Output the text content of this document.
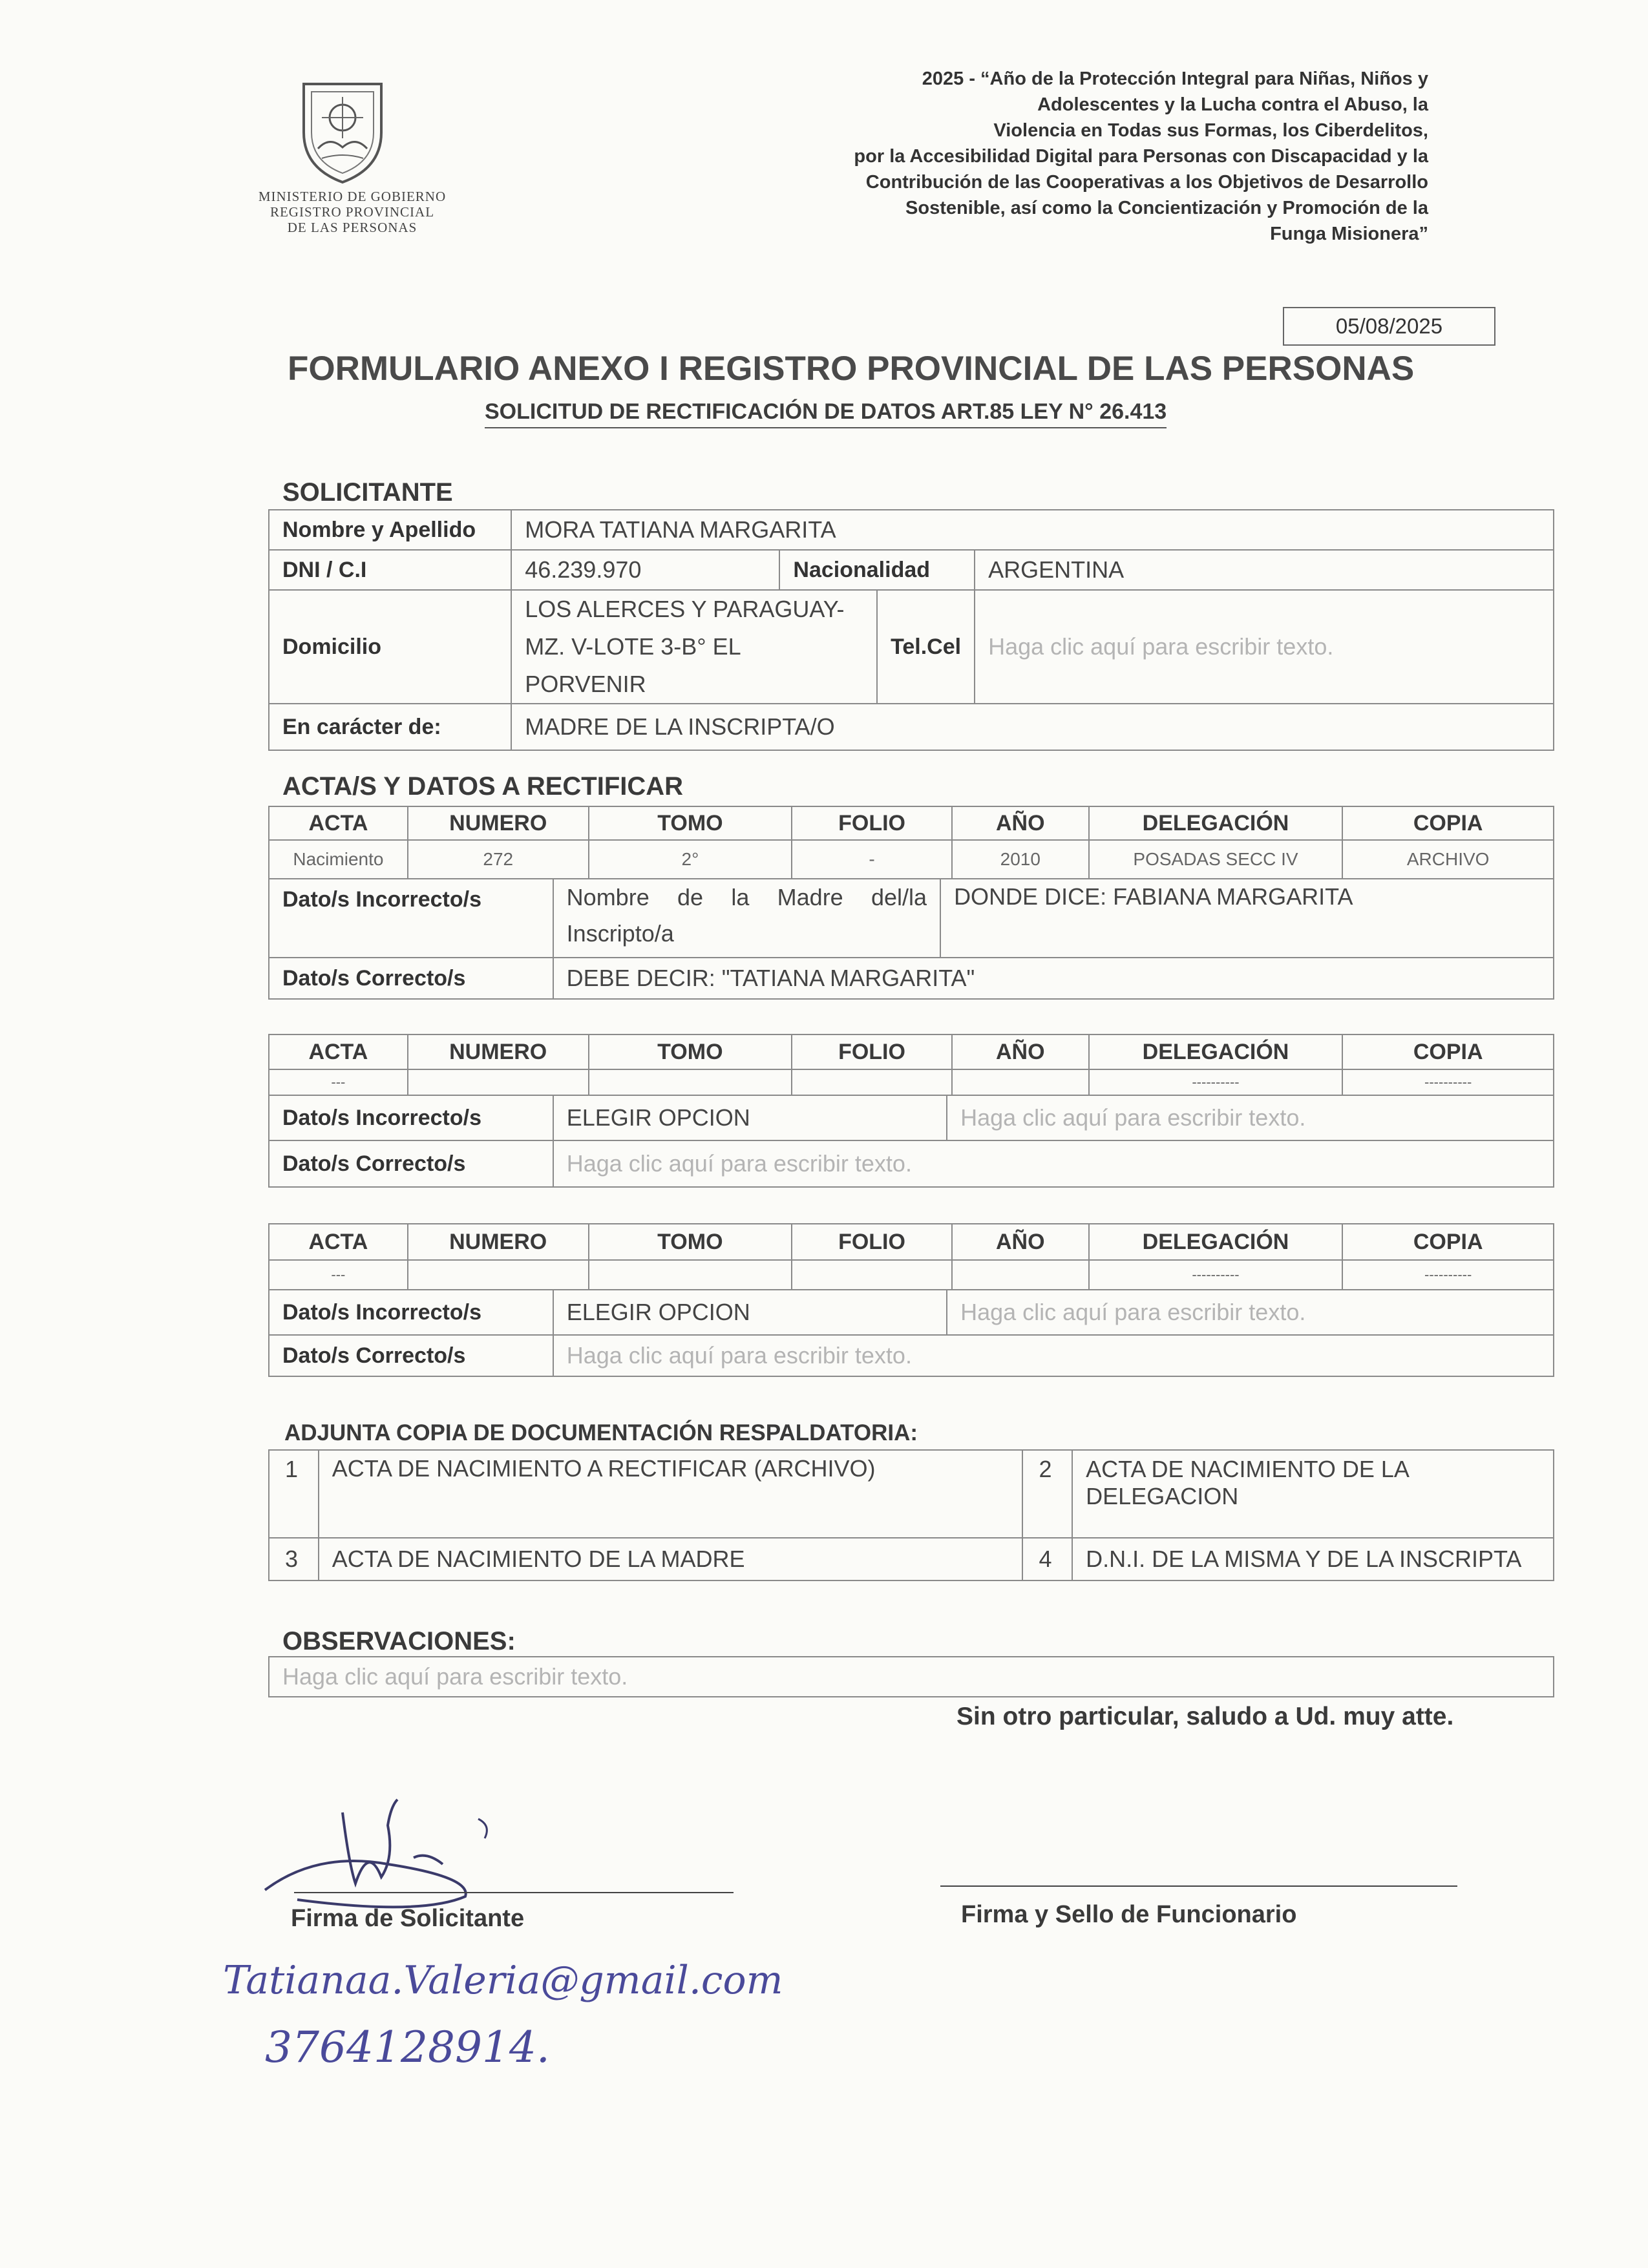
MINISTERIO DE GOBIERNO
REGISTRO PROVINCIAL
DE LAS PERSONAS
2025 - “Año de la Protección Integral para Niñas, Niños y
Adolescentes y la Lucha contra el Abuso, la
Violencia en Todas sus Formas, los Ciberdelitos,
por la Accesibilidad Digital para Personas con Discapacidad y la
Contribución de las Cooperativas a los Objetivos de Desarrollo
Sostenible, así como la Concientización y Promoción de la
Funga Misionera”
05/08/2025
FORMULARIO ANEXO I REGISTRO PROVINCIAL DE LAS PERSONAS
SOLICITUD DE RECTIFICACIÓN DE DATOS ART.85 LEY N° 26.413
SOLICITANTE
Nombre y Apellido	MORA TATIANA MARGARITA			
DNI / C.I	46.239.970	Nacionalidad		ARGENTINA
Domicilio	LOS ALERCES Y PARAGUAY-
MZ. V-LOTE 3-B° EL PORVENIR		Tel.Cel	Haga clic aquí para escribir texto.
En carácter de:	MADRE DE LA INSCRIPTA/O			
ACTA/S Y DATOS A RECTIFICAR
ACTA	NUMERO	TOMO	FOLIO	AÑO	DELEGACIÓN	COPIA
Nacimiento	272	2°	-	2010	POSADAS SECC IV	ARCHIVO
Dato/s Incorrecto/s	Nombre de la Madre del/la Inscripto/a	DONDE DICE: FABIANA MARGARITA
Dato/s Correcto/s	DEBE DECIR: "TATIANA MARGARITA"	
ACTA	NUMERO	TOMO	FOLIO	AÑO	DELEGACIÓN	COPIA
---					----------	----------
Dato/s Incorrecto/s	ELEGIR OPCION	Haga clic aquí para escribir texto.
Dato/s Correcto/s	Haga clic aquí para escribir texto.	
ACTA	NUMERO	TOMO	FOLIO	AÑO	DELEGACIÓN	COPIA
---					----------	----------
Dato/s Incorrecto/s	ELEGIR OPCION	Haga clic aquí para escribir texto.
Dato/s Correcto/s	Haga clic aquí para escribir texto.	
ADJUNTA COPIA DE DOCUMENTACIÓN RESPALDATORIA:
1	ACTA DE NACIMIENTO A RECTIFICAR (ARCHIVO)	2	ACTA DE NACIMIENTO DE LA DELEGACION
3	ACTA DE NACIMIENTO DE LA MADRE	4	D.N.I. DE LA MISMA Y DE LA INSCRIPTA
OBSERVACIONES:
Haga clic aquí para escribir texto.
Sin otro particular, saludo a Ud. muy atte.
Firma de Solicitante	Firma y Sello de Funcionario
Tatianaa.Valeria@gmail.com
3764128914.
